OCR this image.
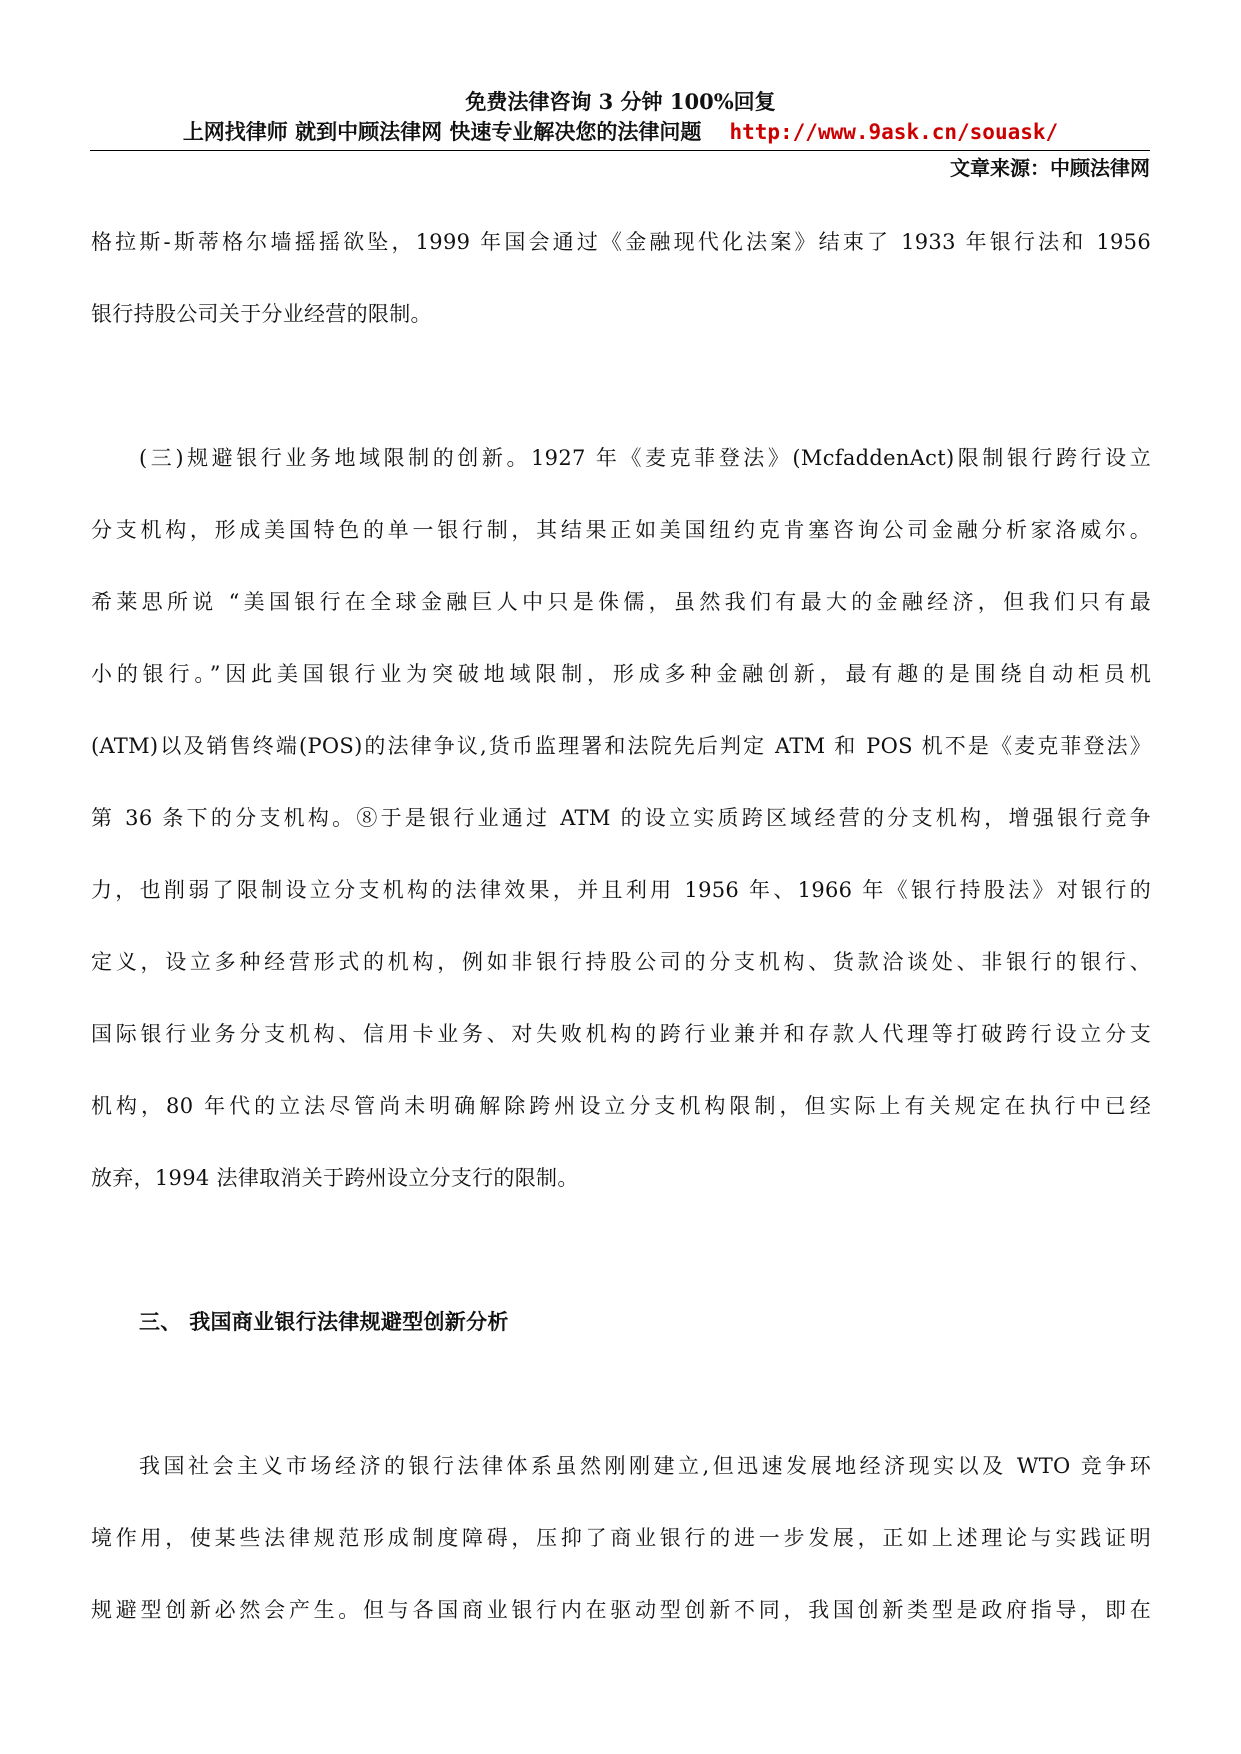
免费法律咨询 3 分钟 100%回复
上网找律师 就到中顾法律网 快速专业解决您的法律问题 http://www.9ask.cn/souask/
文章来源：中顾法律网

格拉斯-斯蒂格尔墙摇摇欲坠，1999 年国会通过《金融现代化法案》结束了 1933 年银行法和 1956
银行持股公司关于分业经营的限制。

(三)规避银行业务地域限制的创新。1927 年《麦克菲登法》(McfaddenAct)限制银行跨行设立
分支机构，形成美国特色的单一银行制，其结果正如美国纽约克肯塞咨询公司金融分析家洛威尔。
希莱思所说 “美国银行在全球金融巨人中只是侏儒，虽然我们有最大的金融经济，但我们只有最
小的银行。”因此美国银行业为突破地域限制，形成多种金融创新，最有趣的是围绕自动柜员机
(ATM)以及销售终端(POS)的法律争议,货币监理署和法院先后判定 ATM 和 POS 机不是《麦克菲登法》
第 36 条下的分支机构。⑧于是银行业通过 ATM 的设立实质跨区域经营的分支机构，增强银行竞争
力，也削弱了限制设立分支机构的法律效果，并且利用 1956 年、1966 年《银行持股法》对银行的
定义，设立多种经营形式的机构，例如非银行持股公司的分支机构、货款洽谈处、非银行的银行、
国际银行业务分支机构、信用卡业务、对失败机构的跨行业兼并和存款人代理等打破跨行设立分支
机构，80 年代的立法尽管尚未明确解除跨州设立分支机构限制，但实际上有关规定在执行中已经
放弃，1994 法律取消关于跨州设立分支行的限制。

三、 我国商业银行法律规避型创新分析

我国社会主义市场经济的银行法律体系虽然刚刚建立,但迅速发展地经济现实以及 WTO 竞争环
境作用，使某些法律规范形成制度障碍，压抑了商业银行的进一步发展，正如上述理论与实践证明
规避型创新必然会产生。但与各国商业银行内在驱动型创新不同，我国创新类型是政府指导，即在
